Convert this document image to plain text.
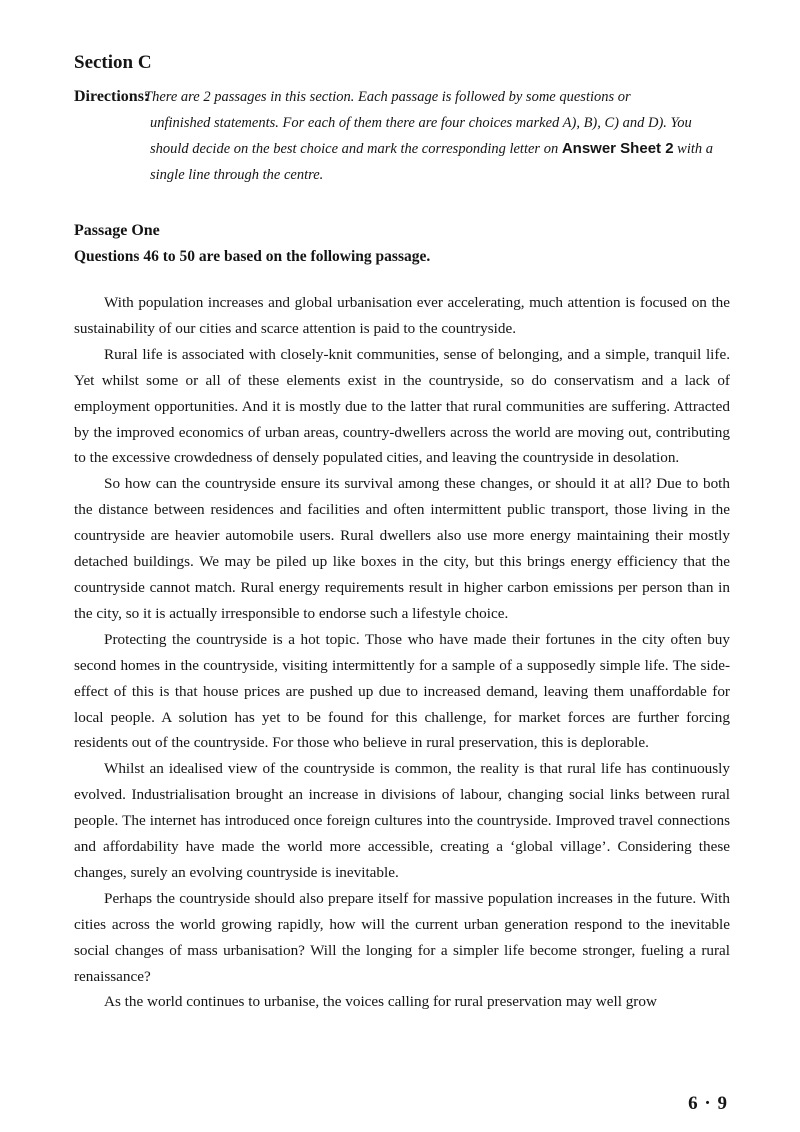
Section C
Directions:
There are 2 passages in this section. Each passage is followed by some questions or
unfinished statements. For each of them there are four choices marked A), B), C) and D). You should decide on the best choice and mark the corresponding letter on Answer Sheet 2 with a single line through the centre.
Passage One
Questions 46 to 50 are based on the following passage.

With population increases and global urbanisation ever accelerating, much attention is focused on the sustainability of our cities and scarce attention is paid to the countryside.

Rural life is associated with closely-knit communities, sense of belonging, and a simple, tranquil life. Yet whilst some or all of these elements exist in the countryside, so do conservatism and a lack of employment opportunities. And it is mostly due to the latter that rural communities are suffering. Attracted by the improved economics of urban areas, country-dwellers across the world are moving out, contributing to the excessive crowdedness of densely populated cities, and leaving the countryside in desolation.

So how can the countryside ensure its survival among these changes, or should it at all? Due to both the distance between residences and facilities and often intermittent public transport, those living in the countryside are heavier automobile users. Rural dwellers also use more energy maintaining their mostly detached buildings. We may be piled up like boxes in the city, but this brings energy efficiency that the countryside cannot match. Rural energy requirements result in higher carbon emissions per person than in the city, so it is actually irresponsible to endorse such a lifestyle choice.

Protecting the countryside is a hot topic. Those who have made their fortunes in the city often buy second homes in the countryside, visiting intermittently for a sample of a supposedly simple life. The side-effect of this is that house prices are pushed up due to increased demand, leaving them unaffordable for local people. A solution has yet to be found for this challenge, for market forces are further forcing residents out of the countryside. For those who believe in rural preservation, this is deplorable.

Whilst an idealised view of the countryside is common, the reality is that rural life has continuously evolved. Industrialisation brought an increase in divisions of labour, changing social links between rural people. The internet has introduced once foreign cultures into the countryside. Improved travel connections and affordability have made the world more accessible, creating a ‘global village’. Considering these changes, surely an evolving countryside is inevitable.

Perhaps the countryside should also prepare itself for massive population increases in the future. With cities across the world growing rapidly, how will the current urban generation respond to the inevitable social changes of mass urbanisation? Will the longing for a simpler life become stronger, fueling a rural renaissance?

As the world continues to urbanise, the voices calling for rural preservation may well grow

6 · 9
